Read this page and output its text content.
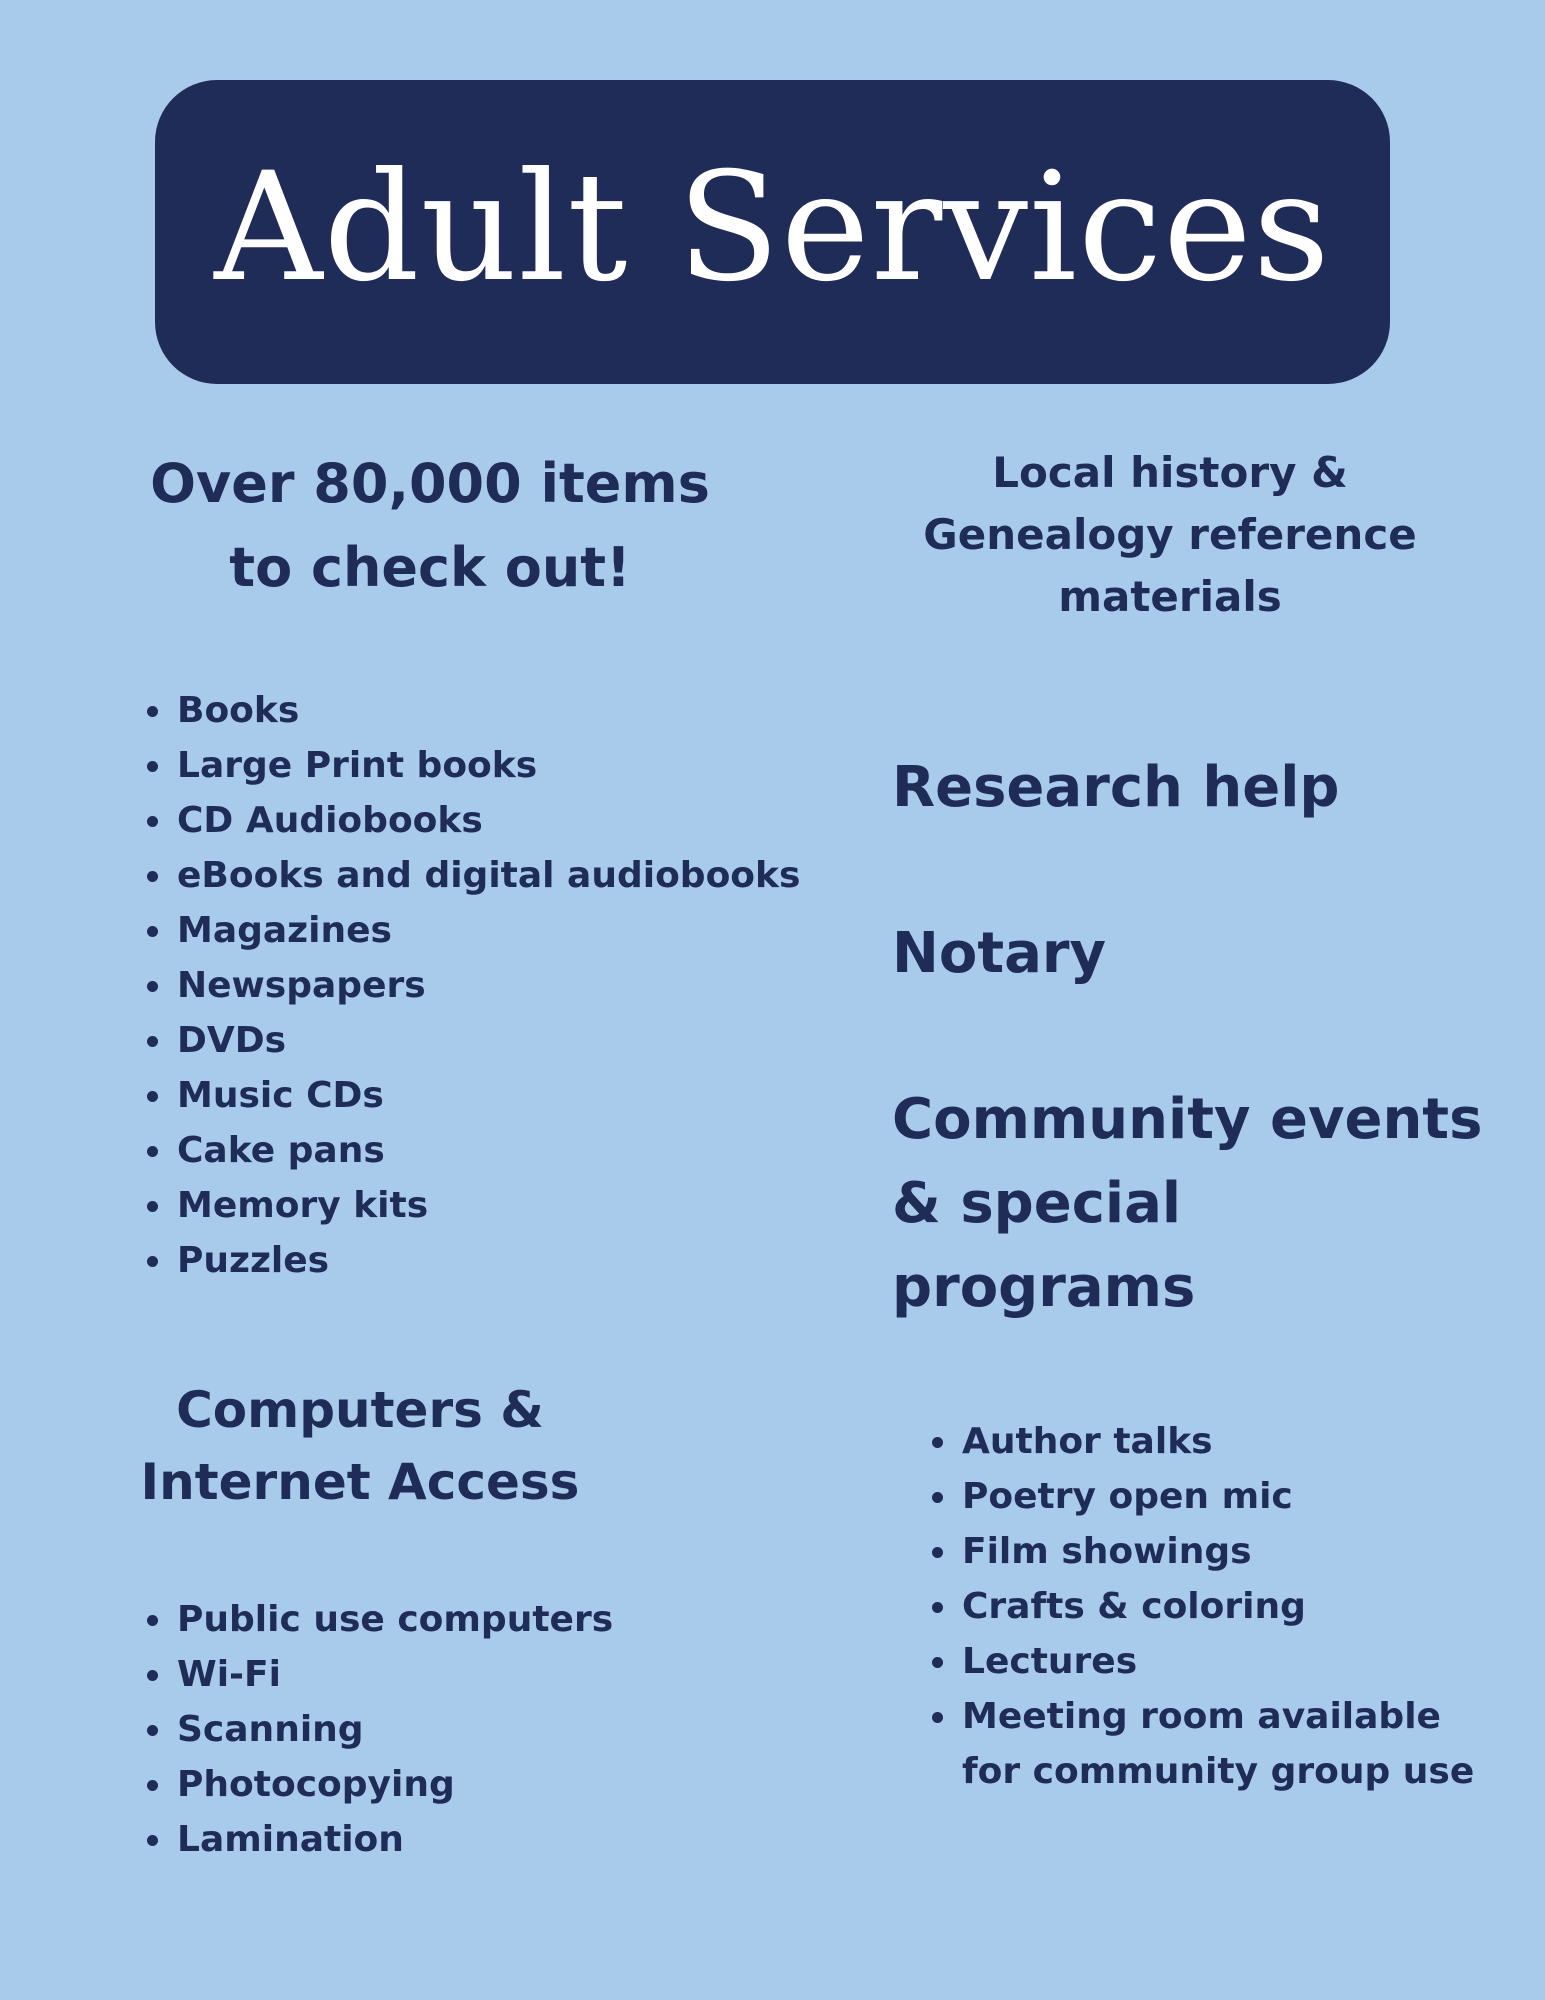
Adult Services
Over 80,000 items to check out!
• Books
• Large Print books
• CD Audiobooks
• eBooks and digital audiobooks
• Magazines
• Newspapers
• DVDs
• Music CDs
• Cake pans
• Memory kits
• Puzzles
Local history & Genealogy reference materials
Research help
Notary
Community events & special programs
• Author talks
• Poetry open mic
• Film showings
• Crafts & coloring
• Lectures
• Meeting room available for community group use
Computers & Internet Access
• Public use computers
• Wi-Fi
• Scanning
• Photocopying
• Lamination
